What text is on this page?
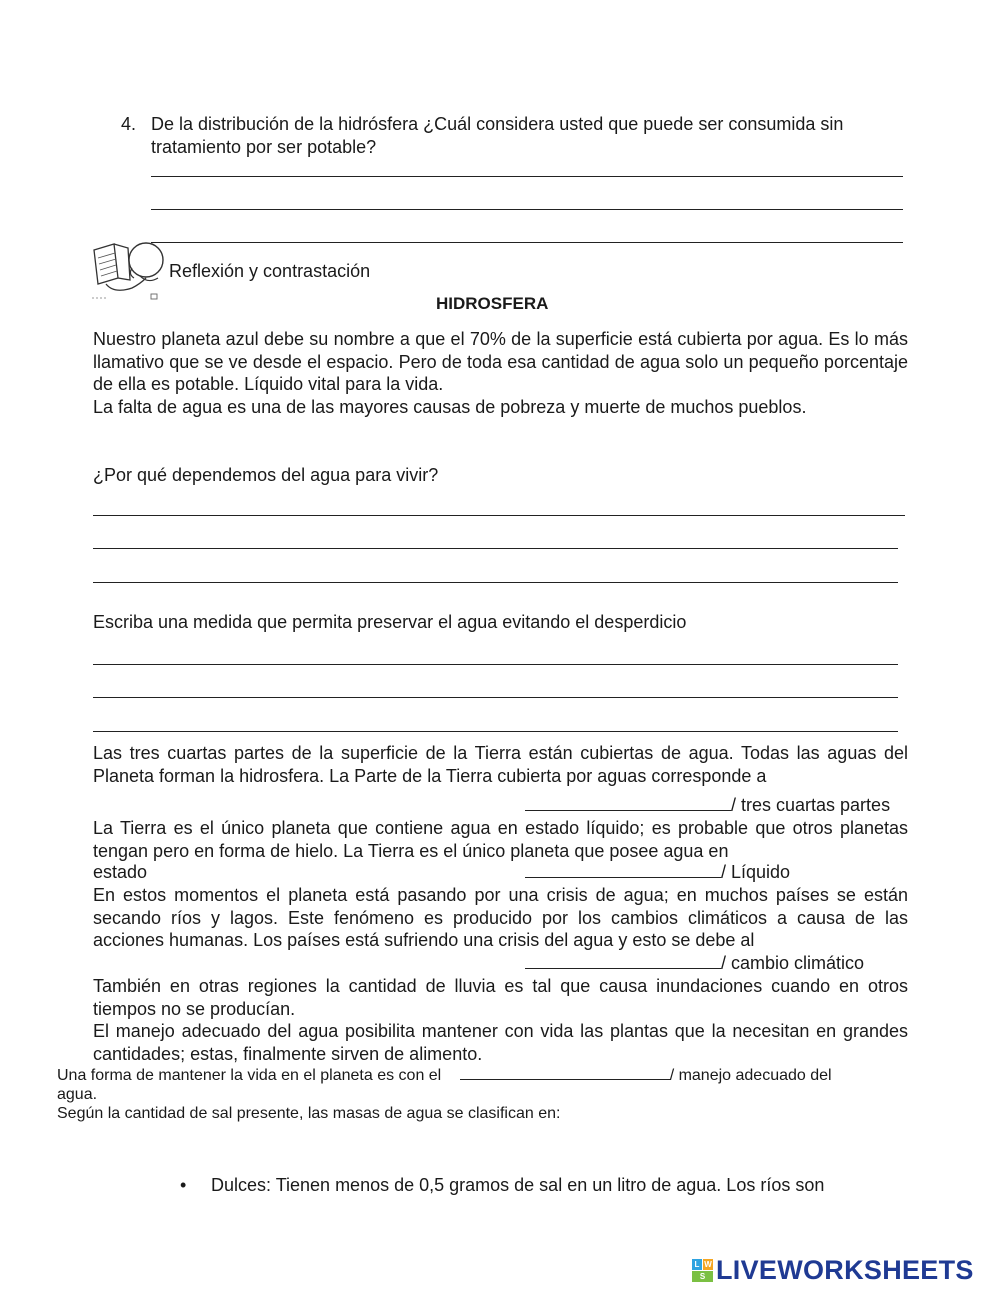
4. De la distribución de la hidrósfera ¿Cuál considera usted que puede ser consumida sin tratamiento por ser potable?
Reflexión y contrastación
HIDROSFERA
Nuestro planeta azul debe su nombre a que el 70% de la superficie está cubierta por agua. Es lo más llamativo que se ve desde el espacio. Pero de toda esa cantidad de agua solo un pequeño porcentaje de ella es potable. Líquido vital para la vida.
La falta de agua es una de las mayores causas de pobreza y muerte de muchos pueblos.
¿Por qué dependemos del agua para vivir?
Escriba una medida que permita preservar el agua evitando el desperdicio
Las tres cuartas partes de la superficie de la Tierra están cubiertas de agua. Todas las aguas del Planeta forman la hidrosfera. La Parte de la Tierra cubierta por aguas corresponde a
/ tres cuartas partes
La Tierra es el único planeta que contiene agua en estado líquido; es probable que otros planetas tengan pero en forma de hielo. La Tierra es el único planeta que posee agua en
estado	/ Líquido
En estos momentos el planeta está pasando por una crisis de agua; en muchos países se están secando ríos y lagos. Este fenómeno es producido por los cambios climáticos a causa de las acciones humanas. Los países está sufriendo una crisis del agua y esto se debe al
/ cambio climático
También en otras regiones la cantidad de lluvia es tal que causa inundaciones cuando en otros tiempos no se producían.
El manejo adecuado del agua posibilita mantener con vida las plantas que la necesitan en grandes cantidades; estas, finalmente sirven de alimento.
Una forma de mantener la vida en el planeta es con el	/ manejo adecuado del
agua.
Según la cantidad de sal presente, las masas de agua se clasifican en:
• Dulces: Tienen menos de 0,5 gramos de sal en un litro de agua. Los ríos son
L W
S LIVEWORKSHEETS
